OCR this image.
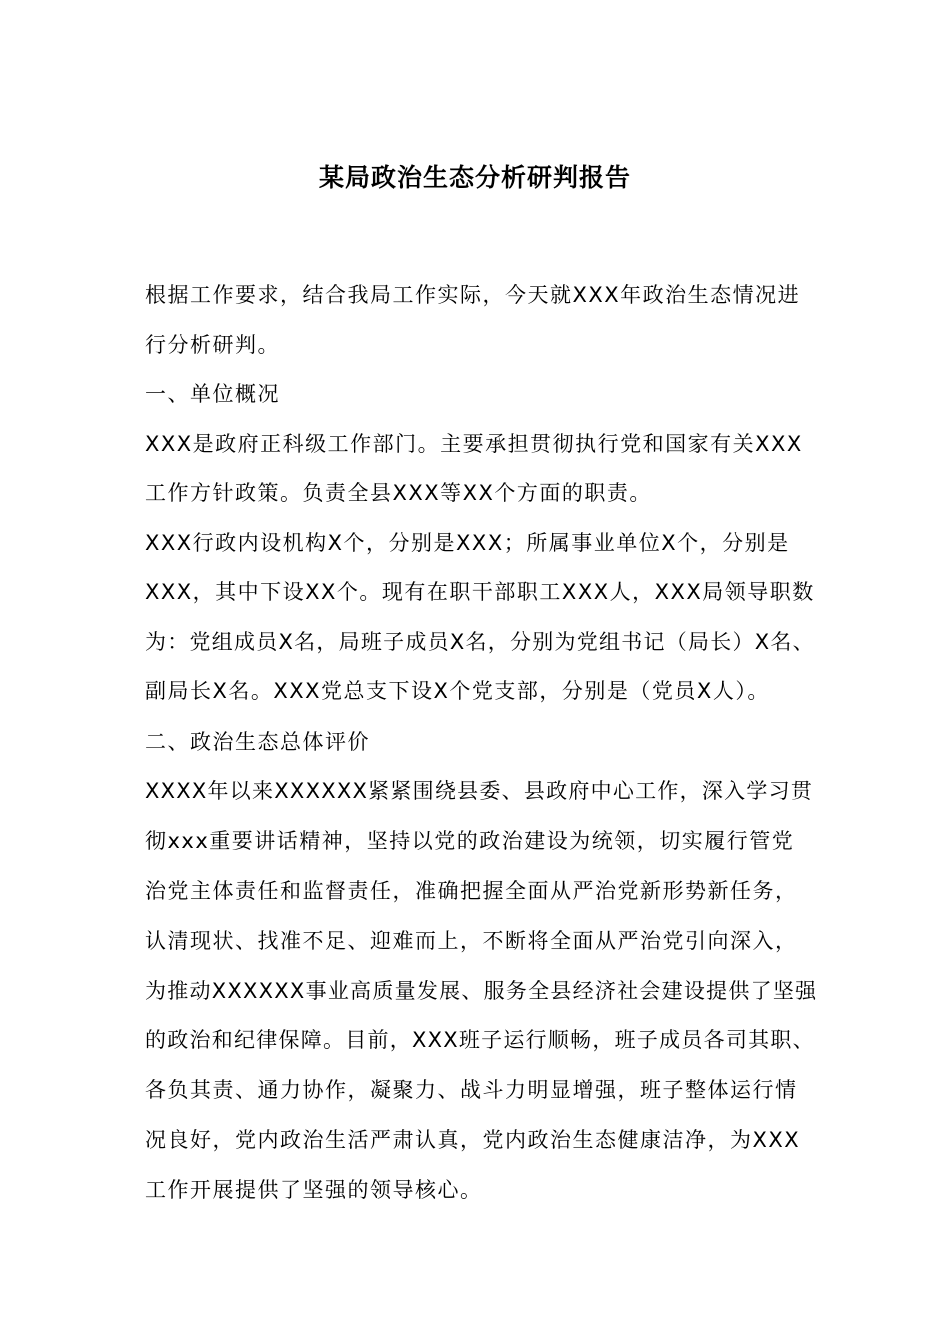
某局政治生态分析研判报告
根据工作要求，结合我局工作实际，今天就XXX年政治生态情况进
行分析研判。
一、单位概况
XXX是政府正科级工作部门。主要承担贯彻执行党和国家有关XXX
工作方针政策。负责全县XXX等XX个方面的职责。
XXX行政内设机构X个，分别是XXX；所属事业单位X个，分别是
XXX，其中下设XX个。现有在职干部职工XXX人，XXX局领导职数
为：党组成员X名，局班子成员X名，分别为党组书记（局长）X名、
副局长X名。XXX党总支下设X个党支部，分别是（党员X人）。
二、政治生态总体评价
XXXX年以来XXXXXX紧紧围绕县委、县政府中心工作，深入学习贯
彻xxx重要讲话精神，坚持以党的政治建设为统领，切实履行管党
治党主体责任和监督责任，准确把握全面从严治党新形势新任务，
认清现状、找准不足、迎难而上，不断将全面从严治党引向深入，
为推动XXXXXX事业高质量发展、服务全县经济社会建设提供了坚强
的政治和纪律保障。目前，XXX班子运行顺畅，班子成员各司其职、
各负其责、通力协作，凝聚力、战斗力明显增强，班子整体运行情
况良好，党内政治生活严肃认真，党内政治生态健康洁净，为XXX
工作开展提供了坚强的领导核心。
